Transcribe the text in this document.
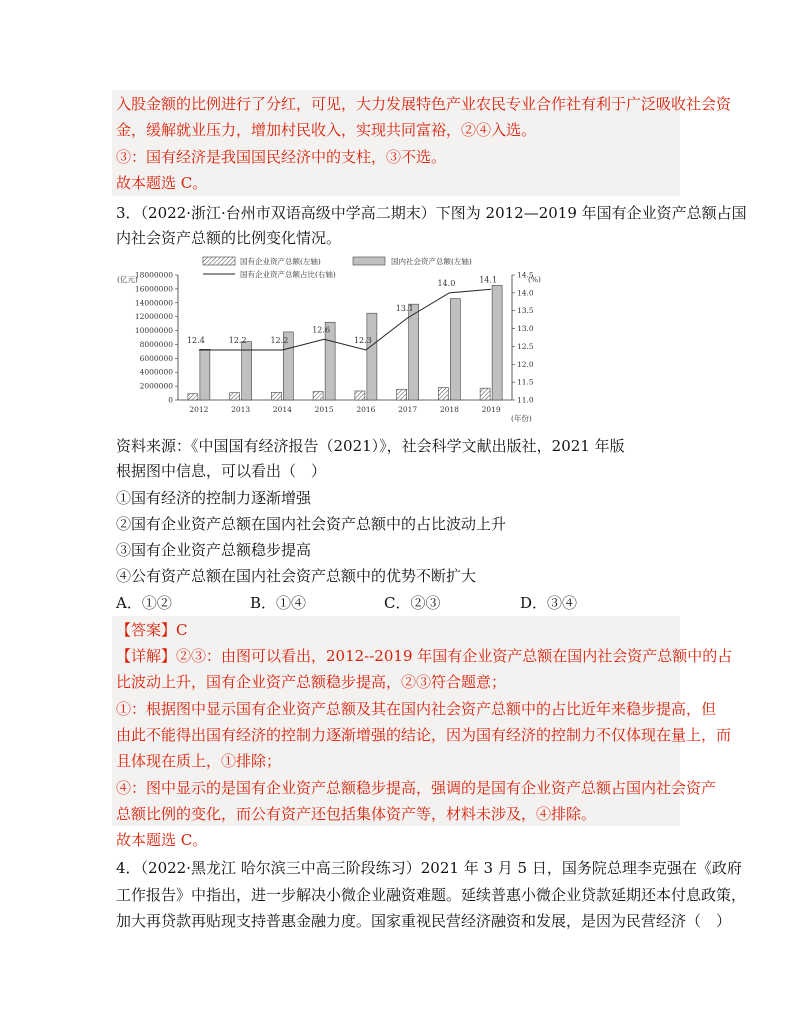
入股金额的比例进行了分红，可见，大力发展特色产业农民专业合作社有利于广泛吸收社会资
金，缓解就业压力，增加村民收入，实现共同富裕，②④入选。
③：国有经济是我国国民经济中的支柱，③不选。
故本题选 C。
3．（2022·浙江·台州市双语高级中学高二期末）下图为 2012—2019 年国有企业资产总额占国
内社会资产总额的比例变化情况。
国有企业资产总额(左轴)	国内社会资产总额(左轴)
国有企业资产总额占比(右轴)
(亿元)	(%)
(年份)
0
2000000
4000000
6000000
8000000
10000000
12000000
14000000
16000000
18000000
11.0
11.5
12.0
12.5
13.0
13.5
14.0
14.5
2012
12.4
2013
12.2
2014
12.2
2015
12.6
2016
12.3
2017
13.1
2018
14.0
2019
14.1
资料来源：《中国国有经济报告（2021）》，社会科学文献出版社，2021 年版
根据图中信息，可以看出（　）
①国有经济的控制力逐渐增强
②国有企业资产总额在国内社会资产总额中的占比波动上升
③国有企业资产总额稳步提高
④公有资产总额在国内社会资产总额中的优势不断扩大
A．①②	B．①④	C．②③	D．③④
【答案】C
【详解】②③：由图可以看出，2012--2019 年国有企业资产总额在国内社会资产总额中的占
比波动上升，国有企业资产总额稳步提高，②③符合题意；
①：根据图中显示国有企业资产总额及其在国内社会资产总额中的占比近年来稳步提高，但
由此不能得出国有经济的控制力逐渐增强的结论，因为国有经济的控制力不仅体现在量上，而
且体现在质上，①排除；
④：图中显示的是国有企业资产总额稳步提高，强调的是国有企业资产总额占国内社会资产
总额比例的变化，而公有资产还包括集体资产等，材料未涉及，④排除。
故本题选 C。
4．（2022·黑龙江 哈尔滨三中高三阶段练习）2021 年 3 月 5 日，国务院总理李克强在《政府
工作报告》中指出，进一步解决小微企业融资难题。延续普惠小微企业贷款延期还本付息政策，
加大再贷款再贴现支持普惠金融力度。国家重视民营经济融资和发展，是因为民营经济（　）
